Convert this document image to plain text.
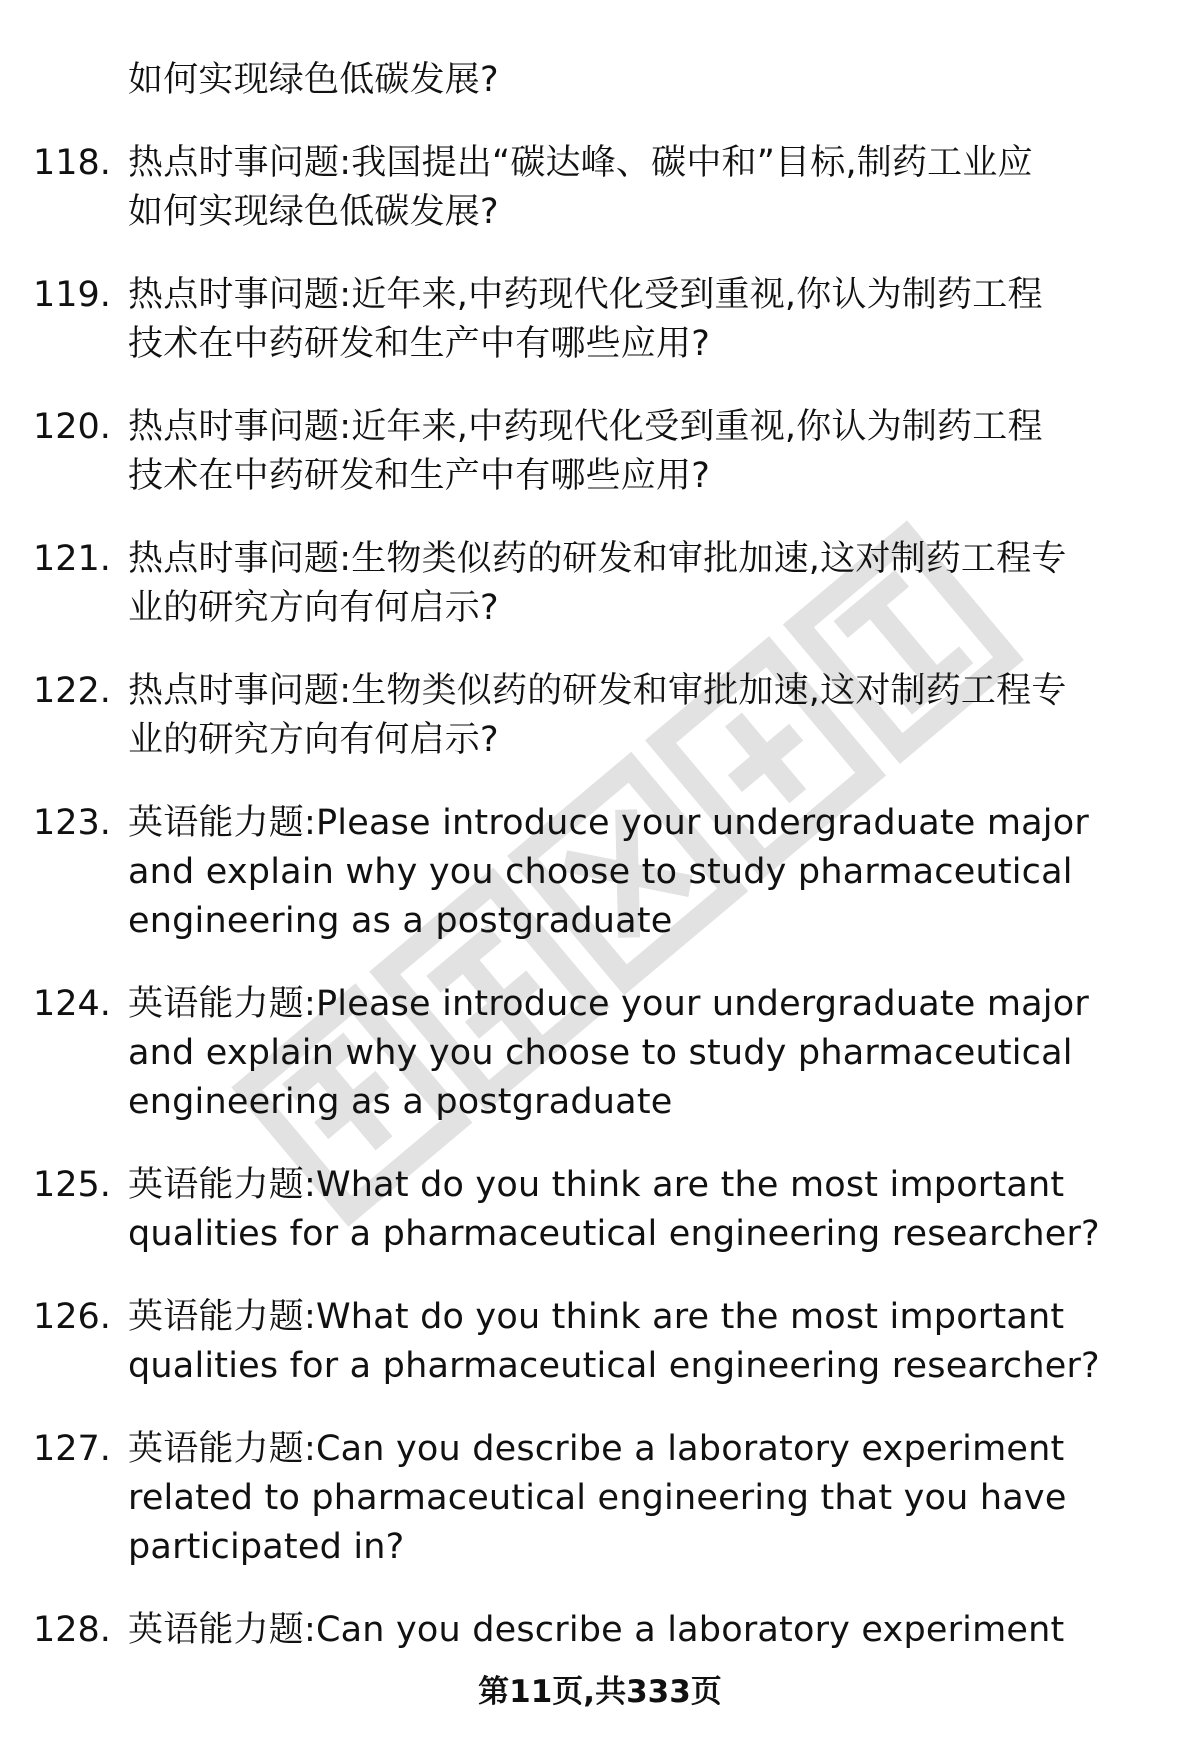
如何实现绿色低碳发展?
118. 热点时事问题:我国提出“碳达峰、碳中和”目标,制药工业应
如何实现绿色低碳发展?
119. 热点时事问题:近年来,中药现代化受到重视,你认为制药工程
技术在中药研发和生产中有哪些应用?
120. 热点时事问题:近年来,中药现代化受到重视,你认为制药工程
技术在中药研发和生产中有哪些应用?
121. 热点时事问题:生物类似药的研发和审批加速,这对制药工程专
业的研究方向有何启示?
122. 热点时事问题:生物类似药的研发和审批加速,这对制药工程专
业的研究方向有何启示?
123. 英语能力题:Please introduce your undergraduate major
and explain why you choose to study pharmaceutical
engineering as a postgraduate
124. 英语能力题:Please introduce your undergraduate major
and explain why you choose to study pharmaceutical
engineering as a postgraduate
125. 英语能力题:What do you think are the most important
qualities for a pharmaceutical engineering researcher?
126. 英语能力题:What do you think are the most important
qualities for a pharmaceutical engineering researcher?
127. 英语能力题:Can you describe a laboratory experiment
related to pharmaceutical engineering that you have
participated in?
128. 英语能力题:Can you describe a laboratory experiment
第11页,共333页
